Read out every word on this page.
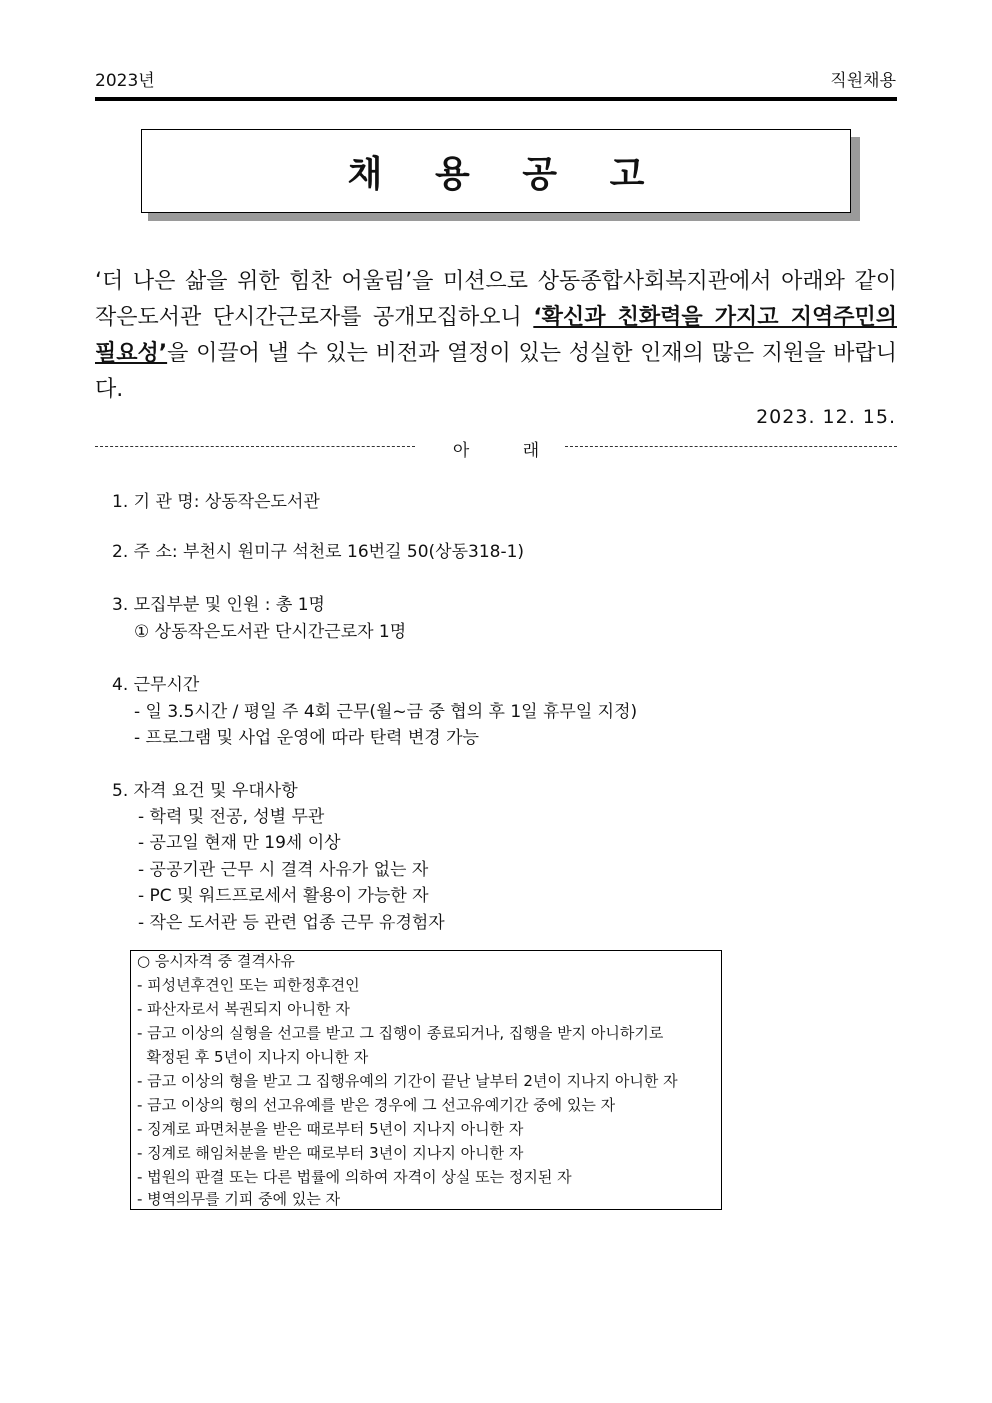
2023년	직원채용
채 용 공 고
‘더 나은 삶을 위한 힘찬 어울림’을 미션으로 상동종합사회복지관에서 아래와 같이 작은도서관 단시간근로자를 공개모집하오니 ‘확신과 친화력을 가지고 지역주민의 필요성’을 이끌어 낼 수 있는 비전과 열정이 있는 성실한 인재의 많은 지원을 바랍니다.
2023. 12. 15.
아	래
1. 기 관 명: 상동작은도서관
2. 주 소: 부천시 원미구 석천로 16번길 50(상동318-1)
3. 모집부분 및 인원 : 총 1명
① 상동작은도서관 단시간근로자 1명
4. 근무시간
- 일 3.5시간 / 평일 주 4회 근무(월~금 중 협의 후 1일 휴무일 지정)
- 프로그램 및 사업 운영에 따라 탄력 변경 가능
5. 자격 요건 및 우대사항
- 학력 및 전공, 성별 무관
- 공고일 현재 만 19세 이상
- 공공기관 근무 시 결격 사유가 없는 자
- PC 및 워드프로세서 활용이 가능한 자
- 작은 도서관 등 관련 업종 근무 유경험자
○ 응시자격 중 결격사유
- 피성년후견인 또는 피한정후견인
- 파산자로서 복권되지 아니한 자
- 금고 이상의 실형을 선고를 받고 그 집행이 종료되거나, 집행을 받지 아니하기로
확정된 후 5년이 지나지 아니한 자
- 금고 이상의 형을 받고 그 집행유예의 기간이 끝난 날부터 2년이 지나지 아니한 자
- 금고 이상의 형의 선고유예를 받은 경우에 그 선고유예기간 중에 있는 자
- 징계로 파면처분을 받은 때로부터 5년이 지나지 아니한 자
- 징계로 해임처분을 받은 때로부터 3년이 지나지 아니한 자
- 법원의 판결 또는 다른 법률에 의하여 자격이 상실 또는 정지된 자
- 병역의무를 기피 중에 있는 자
